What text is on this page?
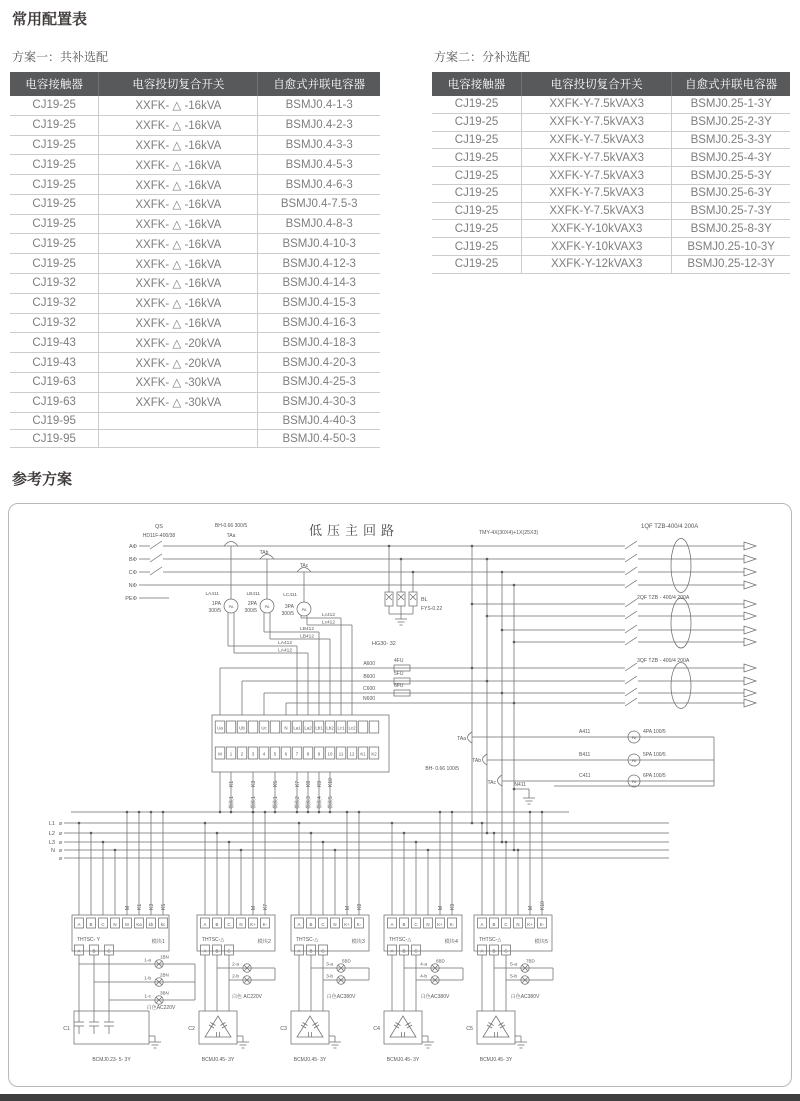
常用配置表
方案一：共补选配	方案二：分补选配
电容接触器	电容投切复合开关	自愈式并联电容器
CJ19-25	XXFK- △ -16kVA	BSMJ0.4-1-3
CJ19-25	XXFK- △ -16kVA	BSMJ0.4-2-3
CJ19-25	XXFK- △ -16kVA	BSMJ0.4-3-3
CJ19-25	XXFK- △ -16kVA	BSMJ0.4-5-3
CJ19-25	XXFK- △ -16kVA	BSMJ0.4-6-3
CJ19-25	XXFK- △ -16kVA	BSMJ0.4-7.5-3
CJ19-25	XXFK- △ -16kVA	BSMJ0.4-8-3
CJ19-25	XXFK- △ -16kVA	BSMJ0.4-10-3
CJ19-25	XXFK- △ -16kVA	BSMJ0.4-12-3
CJ19-32	XXFK- △ -16kVA	BSMJ0.4-14-3
CJ19-32	XXFK- △ -16kVA	BSMJ0.4-15-3
CJ19-32	XXFK- △ -16kVA	BSMJ0.4-16-3
CJ19-43	XXFK- △ -20kVA	BSMJ0.4-18-3
CJ19-43	XXFK- △ -20kVA	BSMJ0.4-20-3
CJ19-63	XXFK- △ -30kVA	BSMJ0.4-25-3
CJ19-63	XXFK- △ -30kVA	BSMJ0.4-30-3
CJ19-95		BSMJ0.4-40-3
CJ19-95		BSMJ0.4-50-3
电容接触器	电容投切复合开关	自愈式并联电容器
CJ19-25	XXFK-Y-7.5kVAX3	BSMJ0.25-1-3Y
CJ19-25	XXFK-Y-7.5kVAX3	BSMJ0.25-2-3Y
CJ19-25	XXFK-Y-7.5kVAX3	BSMJ0.25-3-3Y
CJ19-25	XXFK-Y-7.5kVAX3	BSMJ0.25-4-3Y
CJ19-25	XXFK-Y-7.5kVAX3	BSMJ0.25-5-3Y
CJ19-25	XXFK-Y-7.5kVAX3	BSMJ0.25-6-3Y
CJ19-25	XXFK-Y-7.5kVAX3	BSMJ0.25-7-3Y
CJ19-25	XXFK-Y-10kVAX3	BSMJ0.25-8-3Y
CJ19-25	XXFK-Y-10kVAX3	BSMJ0.25-10-3Y
CJ19-25	XXFK-Y-12kVAX3	BSMJ0.25-12-3Y
参考方案
AΦ
BΦ
CΦ
NΦ
PEΦ
QS
HD11F-400/38
BH-0.66 300/5
TAa
TAb
TAc
PA
1PA
300/5
PA
2PA
300/5	PA
3PA
300/5
LA411	LB411	LC411
Lc412
Lc412
LB412
LB412
LA412
LA412
BL
FYS-0.22
低压主回路	TMY-4X(30X4)+1X(25X3)
HG30- 32
A600	4FU
B600	5FU
C600	6FU
N600
1QF TZB-400/4 200A
2QF TZB - 400/4 200A
3QF TZB - 400/4 200A
Ua	Ub	Uc	N La1 La2 Lb1 Lb2 Lc1 Lc2
M 1 2 3 4 5 6 7 8 9 10 11 12 K1 K2
K1
模块1
K3
模块1
K5
模块1
K7
模块2
K8
模块3
K9
模块4
K10
模块5
TAa
TAb
TAc
BH- 0.66 100/5
PA
A411	4PA 100/5
PA
B411	5PA 100/5
PA
C411	6PA 100/5
N411
ø
L1
ø
L2
ø
L3
ø
N
ø
THTSC- Y	模块1
A B C N M Ka kb kc
M K1 K3 K5
A	B	C
1-a
1BN
1-b
2BN
1-c
3BN
白色AC220V
THTSC-△	模块2
A B C N K+ K-
M K7
A B C
2-a
2-b
白色 AC220V
THTSC-△	模块3
A B C N K+ K-
M K8
A B C
3-a
5BD
3-b
白色AC380V
THTSC-△	模块4
A B C N K+ K-
M K9
A B C
4-a
6BD
4-b
白色AC380V
THTSC-△	模块5
A B C N K+ K-
M K10
A B C
5-a
7BD
5-b
白色AC380V
C1
BCMJ0.23- 5- 3Y
C2
BCMJ0.45- 3Y
C3
BCMJ0.45- 3Y
C4
BCMJ0.45- 3Y
C5
BCMJ0.45- 3Y
